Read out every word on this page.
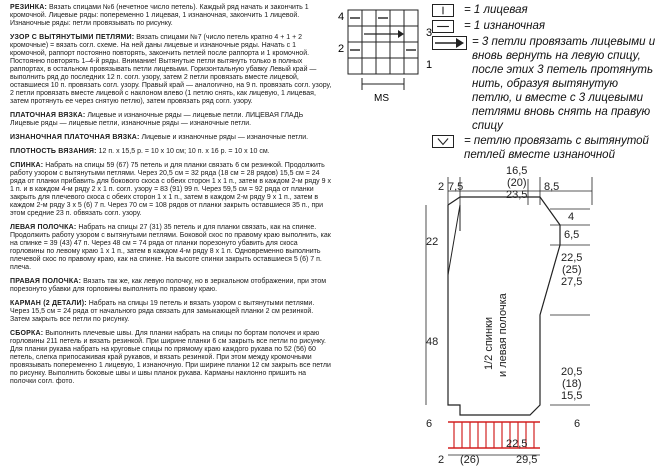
РЕЗИНКА: Вязать спицами №6 (нечетное число петель). Каждый ряд начать и закончить 1 кромочной. Лицевые ряды: попеременно 1 лицевая, 1 изнаночная, закончить 1 лицевой. Изнаночные ряды: петли провязывать по рисунку.

УЗОР С ВЫТЯНУТЫМИ ПЕТЛЯМИ: Вязать спицами №7 (число петель кратно 4 + 1 + 2 кромочные) = вязать согл. схеме. На ней даны лицевые и изнаночные ряды. Начать с 1 кромочной, раппорт постоянно повторять, закончить петлей после раппорта и 1 кромочной. Постоянно повторять 1–4-й ряды. Внимание! Вытянутые петли вытянуть только в полных раппортах, в остальном провязывать петли лицевыми. Горизонтальную убавку Левый край — выполнить ряд до последних 12 п. согл. узору, затем 2 петли провязать вместе лицевой, оставшиеся 10 п. провязать согл. узору. Правый край — аналогично, на 9 п. провязать согл. узору, 2 петли провязать вместе лицевой с наклоном влево (1 петлю снять, как лицевую, 1 лицевая, затем протянуть ее через снятую петлю), затем провязать ряд согл. узору.

ПЛАТОЧНАЯ ВЯЗКА: Лицевые и изнаночные ряды — лицевые петли. ЛИЦЕВАЯ ГЛАДЬ Лицевые ряды — лицевые петли, изнаночные ряды — изнаночные петли.

ИЗНАНОЧНАЯ ПЛАТОЧНАЯ ВЯЗКА: Лицевые и изнаночные ряды — изнаночные петли.

ПЛОТНОСТЬ ВЯЗАНИЯ: 12 п. х 15,5 р. = 10 х 10 см; 10 п. х 16 р. = 10 х 10 см.

СПИНКА: Набрать на спицы 59 (67) 75 петель и для планки связать 6 см резинкой. Продолжить работу узором с вытянутыми петлями. Через 20,5 см = 32 ряда (18 см = 28 рядов) 15,5 см = 24 ряда от планки прибавить для бокового скоса с обеих сторон 1 х 1 п., затем в каждом 2-м ряду 9 х 1 п. и в каждом 4-м ряду 2 х 1 п. согл. узору = 83 (91) 99 п. Через 59,5 см = 92 ряда от планки закрыть для плечевого скоса с обеих сторон 1 х 1 п., затем в каждом 2-м ряду 9 х 1 п., затем в каждом 2-м ряду 3 х 5 (6) 7 п. Через 70 см = 108 рядов от планки закрыть оставшиеся 35 п., при этом средние 23 п. обвязать согл. узору.

ЛЕВАЯ ПОЛОЧКА: Набрать на спицы 27 (31) 35 петель и для планки связать, как на спинке. Продолжить работу узором с вытянутыми петлями. Боковой скос по правому краю выполнить, как на спинке = 39 (43) 47 п. Через 48 см = 74 ряда от планки порезонуто убавить для скоса горловины по левому краю 1 х 1 п., затем в каждом 4-м ряду 8 х 1 п. Одновременно выполнить плечевой скос по правому краю, как на спинке. На высоте спинки закрыть оставшиеся 5 (6) 7 п. плеча.

ПРАВАЯ ПОЛОЧКА: Вязать так же, как левую полочку, но в зеркальном отображении, при этом порезонуто убавки для горловины выполнить по правому краю.

КАРМАН (2 ДЕТАЛИ): Набрать на спицы 19 петель и вязать узором с вытянутыми петлями. Через 15,5 см = 24 ряда от начального ряда связать для замыкающей планки 2 см резинкой. Затем закрыть все петли по рисунку.

СБОРКА: Выполнить плечевые швы. Для планки набрать на спицы по бортам полочек и краю горловины 211 петель и вязать резинкой. При ширине планки 6 см закрыть все петли по рисунку. Для планки рукава набрать на круговые спицы по прямому краю каждого рукава по 52 (56) 60 петель, слегка припосаживая край рукавов, и вязать резинкой. При этом между кромочными провязывать попеременно 1 лицевую, 1 изнаночную. При ширине планки 12 см закрыть все петли по рисунку. Выполнить боковые швы и швы планок рукава. Карманы наклонно пришить на полочки согл. фото.

4
2
3
1
MS
= 1 лицевая
= 1 изнаночная
= 3 петли провязать лицевыми и вновь вернуть на левую спицу, после этих 3 петель протянуть нить, образуя вытянутую петлю, и вместе с 3 лицевыми петлями вновь снять на правую спицу
= петлю провязать с вытянутой петлей вместе изнаночной
16,5
(20)
23,5
2 7,5	8,5
22
48
6
1/2 спинки и левая полочка
4
6,5
22,5
(25)
27,5
20,5
(18)
15,5
6
22,5
(26)	29,5
2
